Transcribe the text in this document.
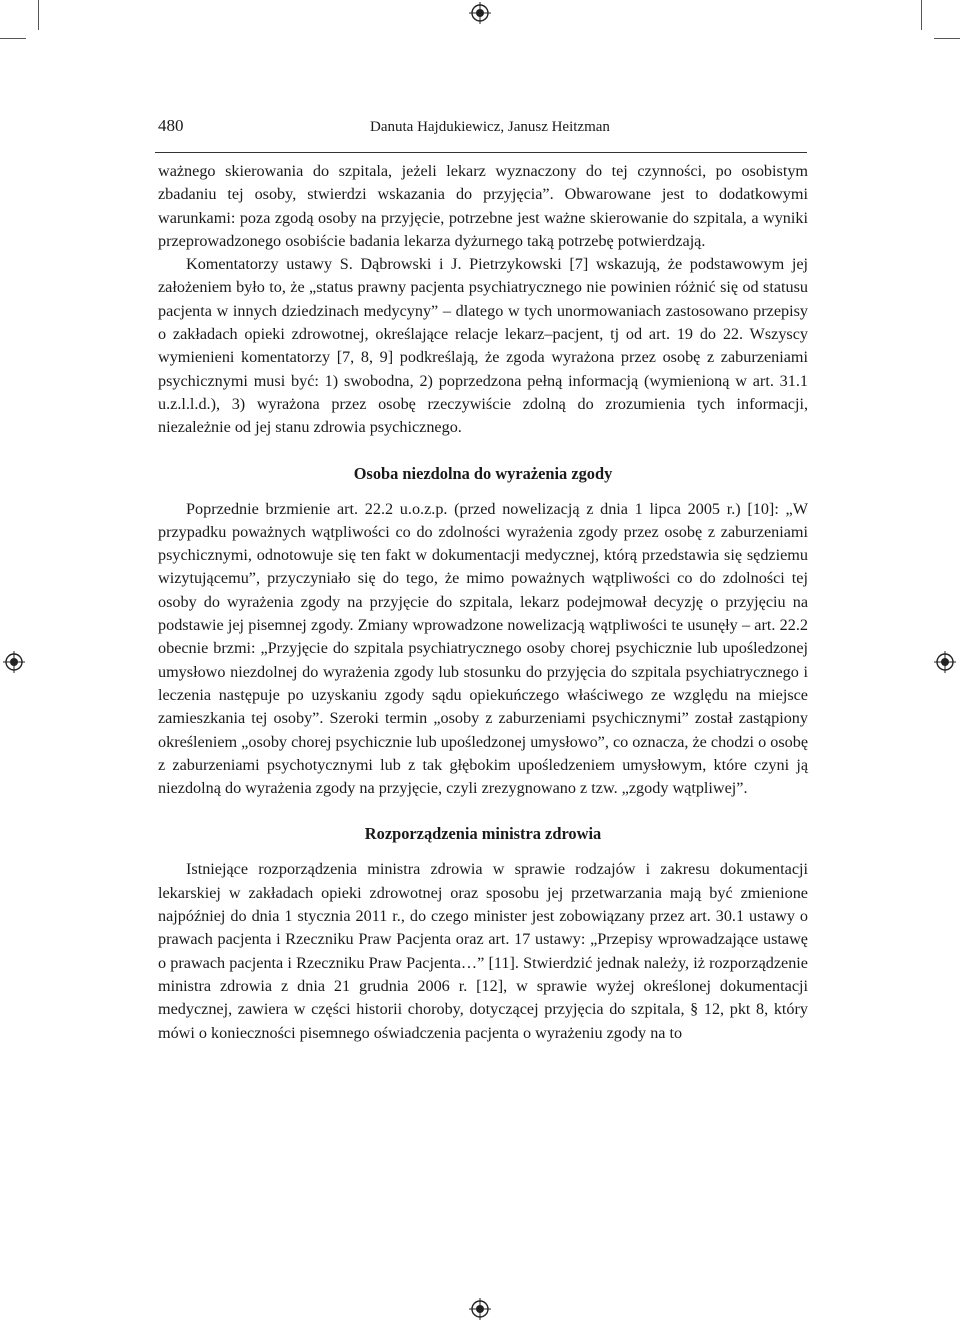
480	Danuta Hajdukiewicz, Janusz Heitzman

ważnego skierowania do szpitala, jeżeli lekarz wyznaczony do tej czynności, po osobistym zbadaniu tej osoby, stwierdzi wskazania do przyjęcia”. Obwarowane jest to dodatkowymi warunkami: poza zgodą osoby na przyjęcie, potrzebne jest ważne skierowanie do szpitala, a wyniki przeprowadzonego osobiście badania lekarza dyżurnego taką potrzebę potwierdzają.

Komentatorzy ustawy S. Dąbrowski i J. Pietrzykowski [7] wskazują, że podstawowym jej założeniem było to, że „status prawny pacjenta psychiatrycznego nie powinien różnić się od statusu pacjenta w innych dziedzinach medycyny” – dlatego w tych unormowaniach zastosowano przepisy o zakładach opieki zdrowotnej, określające relacje lekarz–pacjent, tj od art. 19 do 22. Wszyscy wymienieni komentatorzy [7, 8, 9] podkreślają, że zgoda wyrażona przez osobę z zaburzeniami psychicznymi musi być: 1) swobodna, 2) poprzedzona pełną informacją (wymienioną w art. 31.1 u.z.l.l.d.), 3) wyrażona przez osobę rzeczywiście zdolną do zrozumienia tych informacji, niezależnie od jej stanu zdrowia psychicznego.

Osoba niezdolna do wyrażenia zgody

Poprzednie brzmienie art. 22.2 u.o.z.p. (przed nowelizacją z dnia 1 lipca 2005 r.) [10]: „W przypadku poważnych wątpliwości co do zdolności wyrażenia zgody przez osobę z zaburzeniami psychicznymi, odnotowuje się ten fakt w dokumentacji medycznej, którą przedstawia się sędziemu wizytującemu”, przyczyniało się do tego, że mimo poważnych wątpliwości co do zdolności tej osoby do wyrażenia zgody na przyjęcie do szpitala, lekarz podejmował decyzję o przyjęciu na podstawie jej pisemnej zgody. Zmiany wprowadzone nowelizacją wątpliwości te usunęły – art. 22.2 obecnie brzmi: „Przyjęcie do szpitala psychiatrycznego osoby chorej psychicznie lub upośledzonej umysłowo niezdolnej do wyrażenia zgody lub stosunku do przyjęcia do szpitala psychiatrycznego i leczenia następuje po uzyskaniu zgody sądu opiekuńczego właściwego ze względu na miejsce zamieszkania tej osoby”. Szeroki termin „osoby z zaburzeniami psychicznymi” został zastąpiony określeniem „osoby chorej psychicznie lub upośledzonej umysłowo”, co oznacza, że chodzi o osobę z zaburzeniami psychotycznymi lub z tak głębokim upośledzeniem umysłowym, które czyni ją niezdolną do wyrażenia zgody na przyjęcie, czyli zrezygnowano z tzw. „zgody wątpliwej”.

Rozporządzenia ministra zdrowia

Istniejące rozporządzenia ministra zdrowia w sprawie rodzajów i zakresu dokumentacji lekarskiej w zakładach opieki zdrowotnej oraz sposobu jej przetwarzania mają być zmienione najpóźniej do dnia 1 stycznia 2011 r., do czego minister jest zobowiązany przez art. 30.1 ustawy o prawach pacjenta i Rzeczniku Praw Pacjenta oraz art. 17 ustawy: „Przepisy wprowadzające ustawę o prawach pacjenta i Rzeczniku Praw Pacjenta…” [11]. Stwierdzić jednak należy, iż rozporządzenie ministra zdrowia z dnia 21 grudnia 2006 r. [12], w sprawie wyżej określonej dokumentacji medycznej, zawiera w części historii choroby, dotyczącej przyjęcia do szpitala, § 12, pkt 8, który mówi o konieczności pisemnego oświadczenia pacjenta o wyrażeniu zgody na to
